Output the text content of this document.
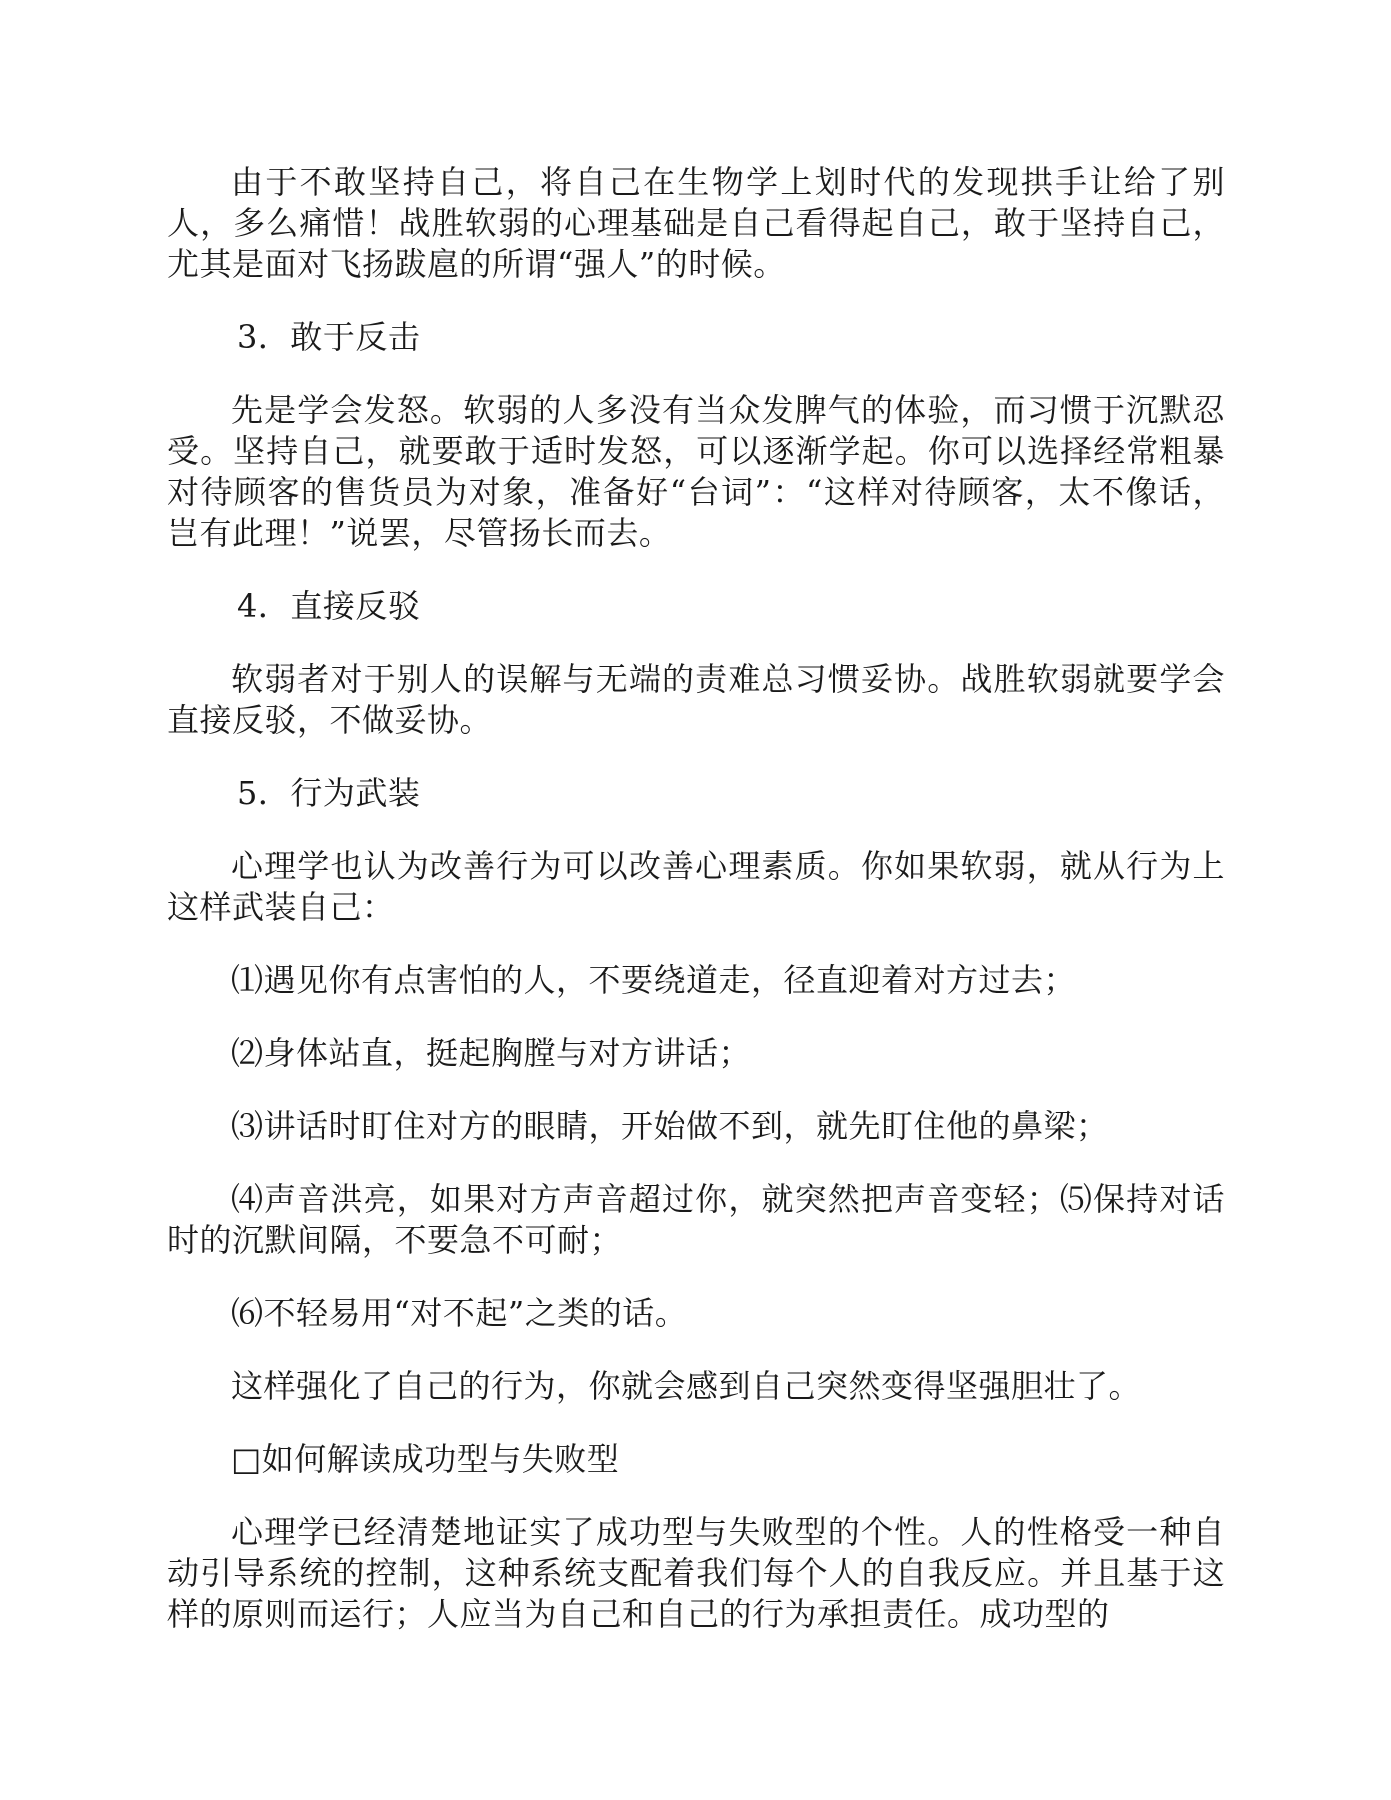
由于不敢坚持自己，将自己在生物学上划时代的发现拱手让给了别人，多么痛惜！战胜软弱的心理基础是自己看得起自己，敢于坚持自己，尤其是面对飞扬跋扈的所谓“强人”的时候。

3．敢于反击

先是学会发怒。软弱的人多没有当众发脾气的体验，而习惯于沉默忍受。坚持自己，就要敢于适时发怒，可以逐渐学起。你可以选择经常粗暴对待顾客的售货员为对象，准备好“台词”：“这样对待顾客，太不像话，岂有此理！”说罢，尽管扬长而去。

4．直接反驳

软弱者对于别人的误解与无端的责难总习惯妥协。战胜软弱就要学会直接反驳，不做妥协。

5．行为武装

心理学也认为改善行为可以改善心理素质。你如果软弱，就从行为上这样武装自己：

⑴遇见你有点害怕的人，不要绕道走，径直迎着对方过去；

⑵身体站直，挺起胸膛与对方讲话；

⑶讲话时盯住对方的眼睛，开始做不到，就先盯住他的鼻梁；

⑷声音洪亮，如果对方声音超过你，就突然把声音变轻；⑸保持对话时的沉默间隔，不要急不可耐；

⑹不轻易用“对不起”之类的话。

这样强化了自己的行为，你就会感到自己突然变得坚强胆壮了。

□如何解读成功型与失败型

心理学已经清楚地证实了成功型与失败型的个性。人的性格受一种自动引导系统的控制，这种系统支配着我们每个人的自我反应。并且基于这样的原则而运行；人应当为自己和自己的行为承担责任。成功型的
